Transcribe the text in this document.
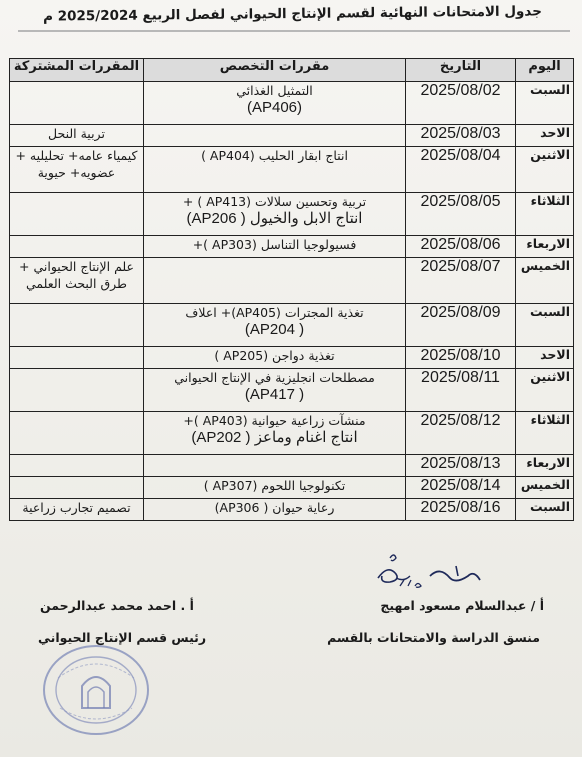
جدول الامتحانات النهائية لقسم الإنتاج الحيواني لفصل الربيع 2025/2024 م
اليوم	التاريخ	مقررات التخصص	المقررات المشتركة
السبت	2025/08/02	التمثيل الغذائي
(AP406)	

الاحد	2025/08/03		تربية النحل
الاثنين	2025/08/04	انتاج ابقار الحليب (AP404 )	كيمياء عامه+ تحليليه + عضويه+ حيوية
الثلاثاء	2025/08/05	تربية وتحسين سلالات (AP413 ) +
انتاج الابل والخيول ( AP206)	

الاربعاء	2025/08/06	فسيولوجيا التناسل (AP303 )+	

الخميس	2025/08/07		علم الإنتاج الحيواني + طرق البحث العلمي
السبت	2025/08/09	تغذية المجترات (AP405)+ اعلاف
( AP204)	

الاحد	2025/08/10	تغذية دواجن (AP205 )	

الاثنين	2025/08/11	مصطلحات انجليزية في الإنتاج الحيواني
( AP417)	

الثلاثاء	2025/08/12	منشآت زراعية حيوانية (AP403 )+
انتاج اغنام وماعز ( AP202)	

الاربعاء	2025/08/13	

الخميس	2025/08/14	تكنولوجيا اللحوم (AP307 )	

السبت	2025/08/16	رعاية حيوان ( AP306)	تصميم تجارب زراعية
أ / عبدالسلام مسعود امهيج
منسق الدراسة والامتحانات بالقسم
أ . احمد محمد عبدالرحمن
رئيس قسم الإنتاج الحيواني
